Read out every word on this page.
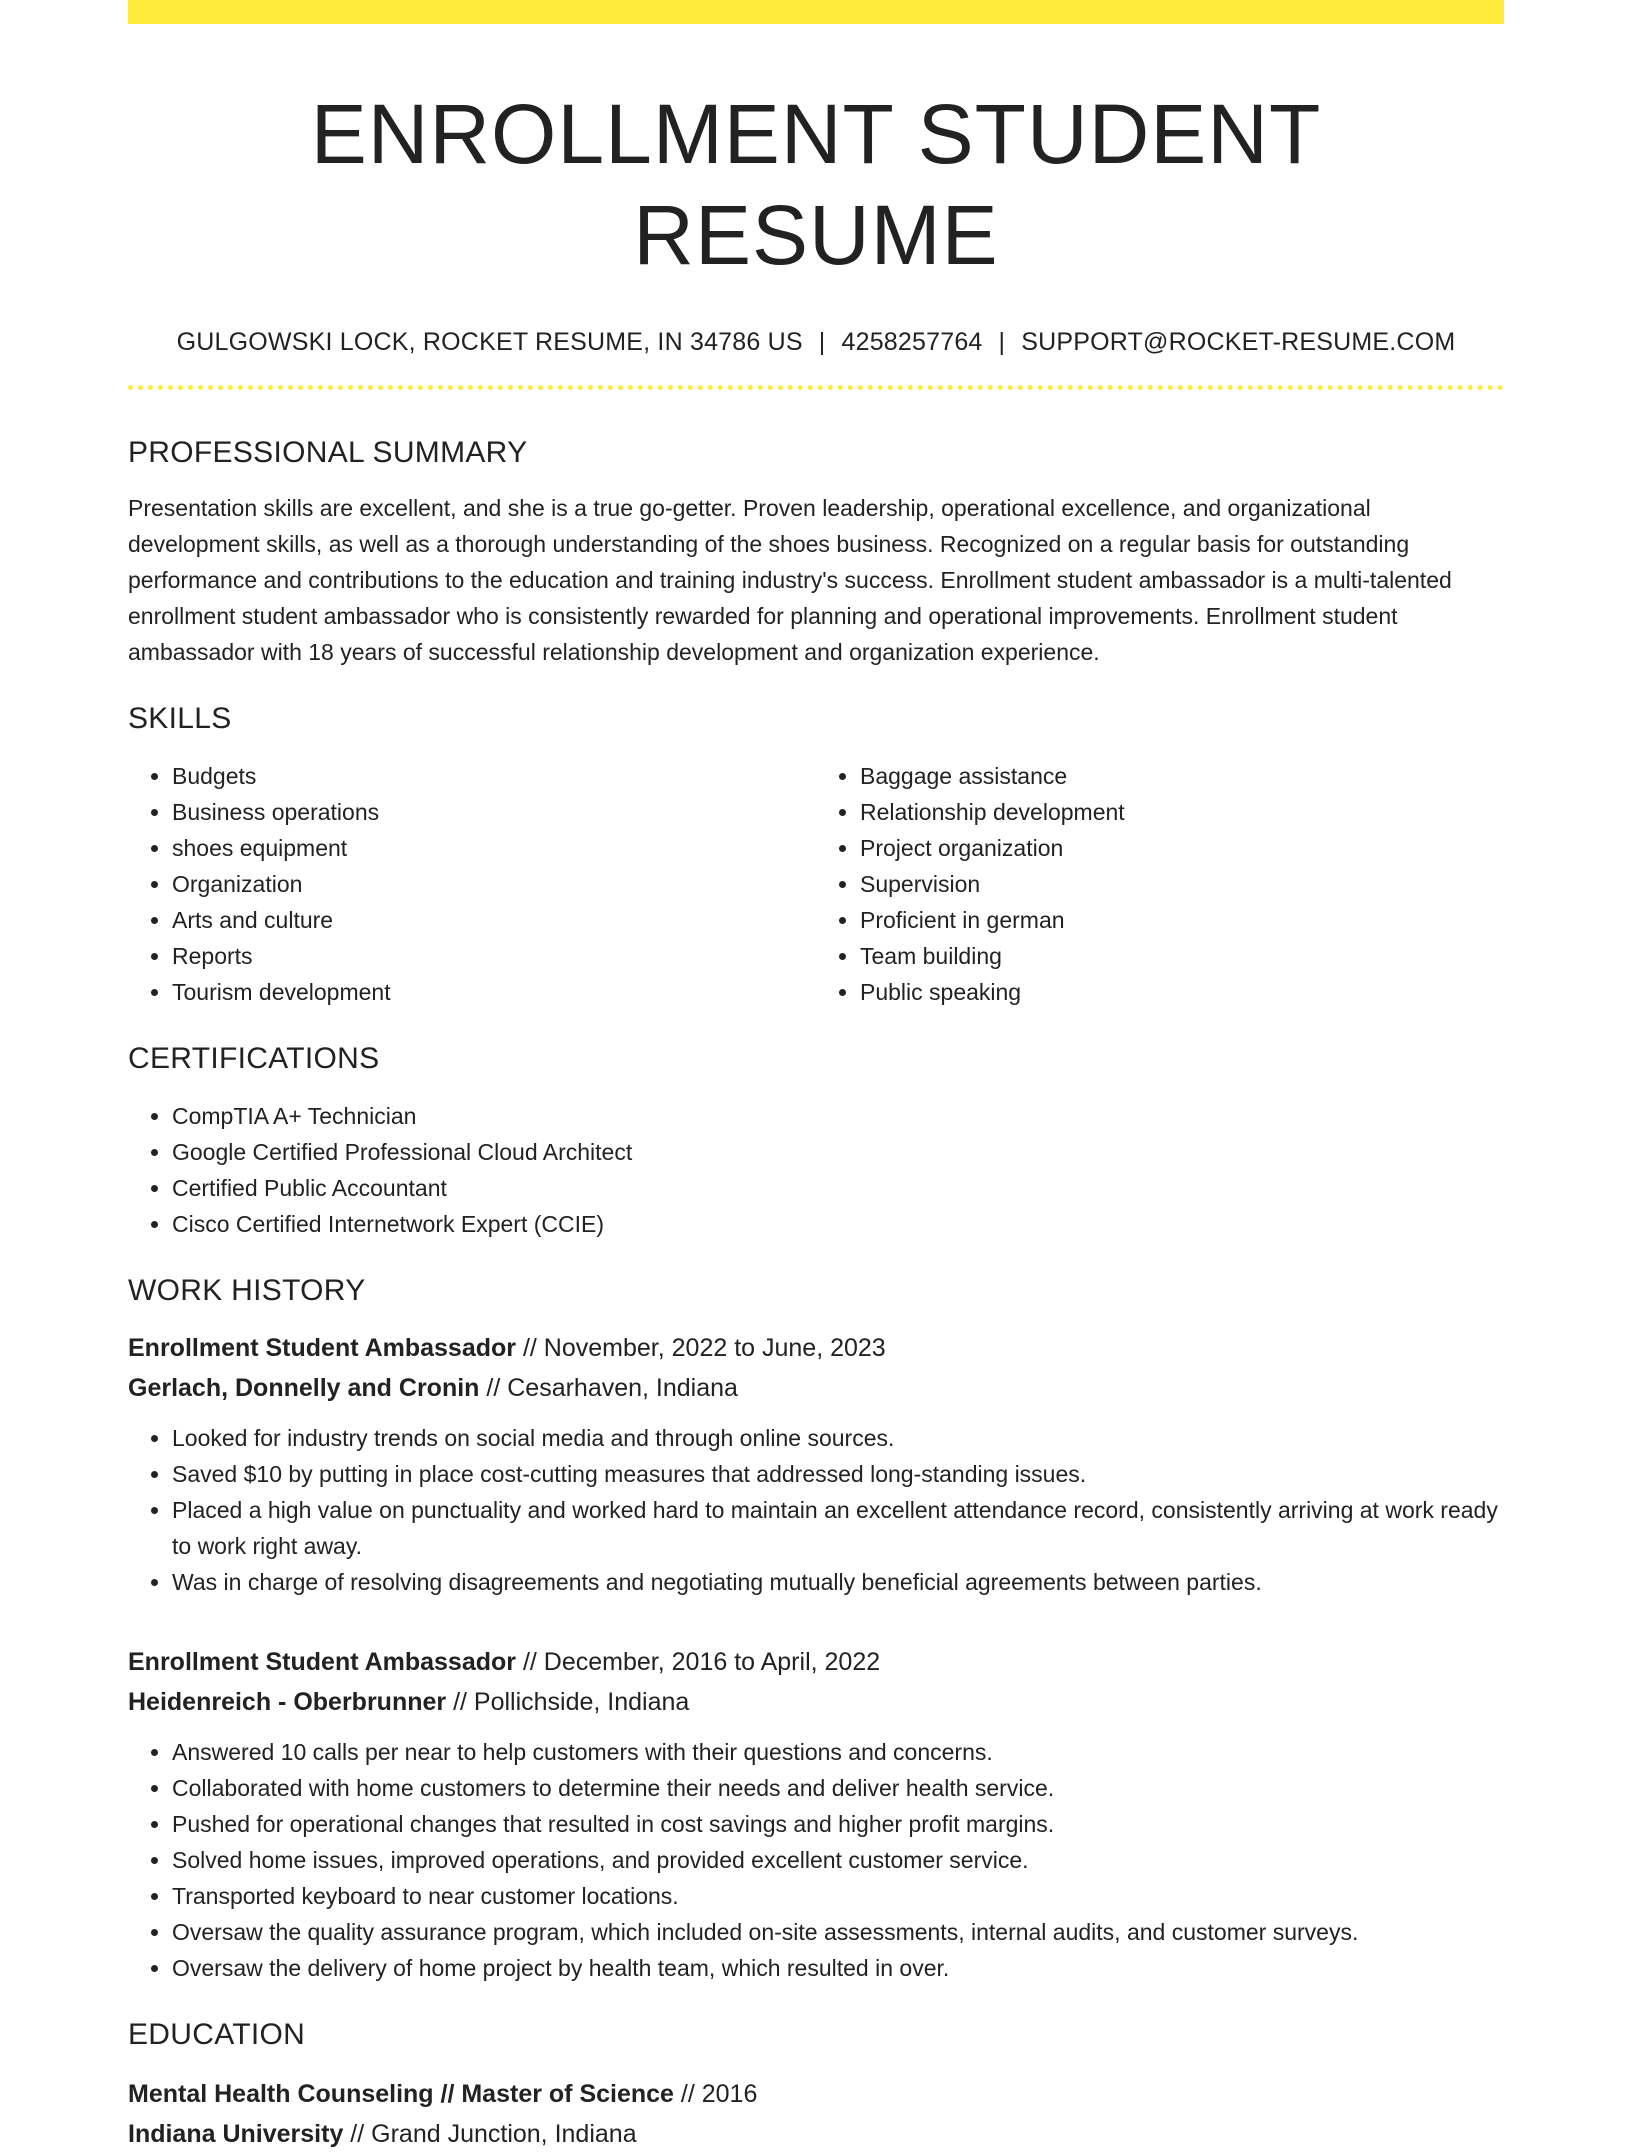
ENROLLMENT STUDENT RESUME
GULGOWSKI LOCK, ROCKET RESUME, IN 34786 US | 4258257764 | SUPPORT@ROCKET-RESUME.COM
PROFESSIONAL SUMMARY

Presentation skills are excellent, and she is a true go-getter. Proven leadership, operational excellence, and organizational development skills, as well as a thorough understanding of the shoes business. Recognized on a regular basis for outstanding performance and contributions to the education and training industry's success. Enrollment student ambassador is a multi-talented enrollment student ambassador who is consistently rewarded for planning and operational improvements. Enrollment student ambassador with 18 years of successful relationship development and organization experience.

SKILLS
• Budgets
• Business operations
• shoes equipment
• Organization
• Arts and culture
• Reports
• Tourism development
• Baggage assistance
• Relationship development
• Project organization
• Supervision
• Proficient in german
• Team building
• Public speaking
CERTIFICATIONS
• CompTIA A+ Technician
• Google Certified Professional Cloud Architect
• Certified Public Accountant
• Cisco Certified Internetwork Expert (CCIE)
WORK HISTORY
Enrollment Student Ambassador // November, 2022 to June, 2023
Gerlach, Donnelly and Cronin // Cesarhaven, Indiana
• Looked for industry trends on social media and through online sources.
• Saved $10 by putting in place cost-cutting measures that addressed long-standing issues.
• Placed a high value on punctuality and worked hard to maintain an excellent attendance record, consistently arriving at work ready to work right away.
• Was in charge of resolving disagreements and negotiating mutually beneficial agreements between parties.
Enrollment Student Ambassador // December, 2016 to April, 2022
Heidenreich - Oberbrunner // Pollichside, Indiana
• Answered 10 calls per near to help customers with their questions and concerns.
• Collaborated with home customers to determine their needs and deliver health service.
• Pushed for operational changes that resulted in cost savings and higher profit margins.
• Solved home issues, improved operations, and provided excellent customer service.
• Transported keyboard to near customer locations.
• Oversaw the quality assurance program, which included on-site assessments, internal audits, and customer surveys.
• Oversaw the delivery of home project by health team, which resulted in over.
EDUCATION
Mental Health Counseling // Master of Science // 2016
Indiana University // Grand Junction, Indiana
